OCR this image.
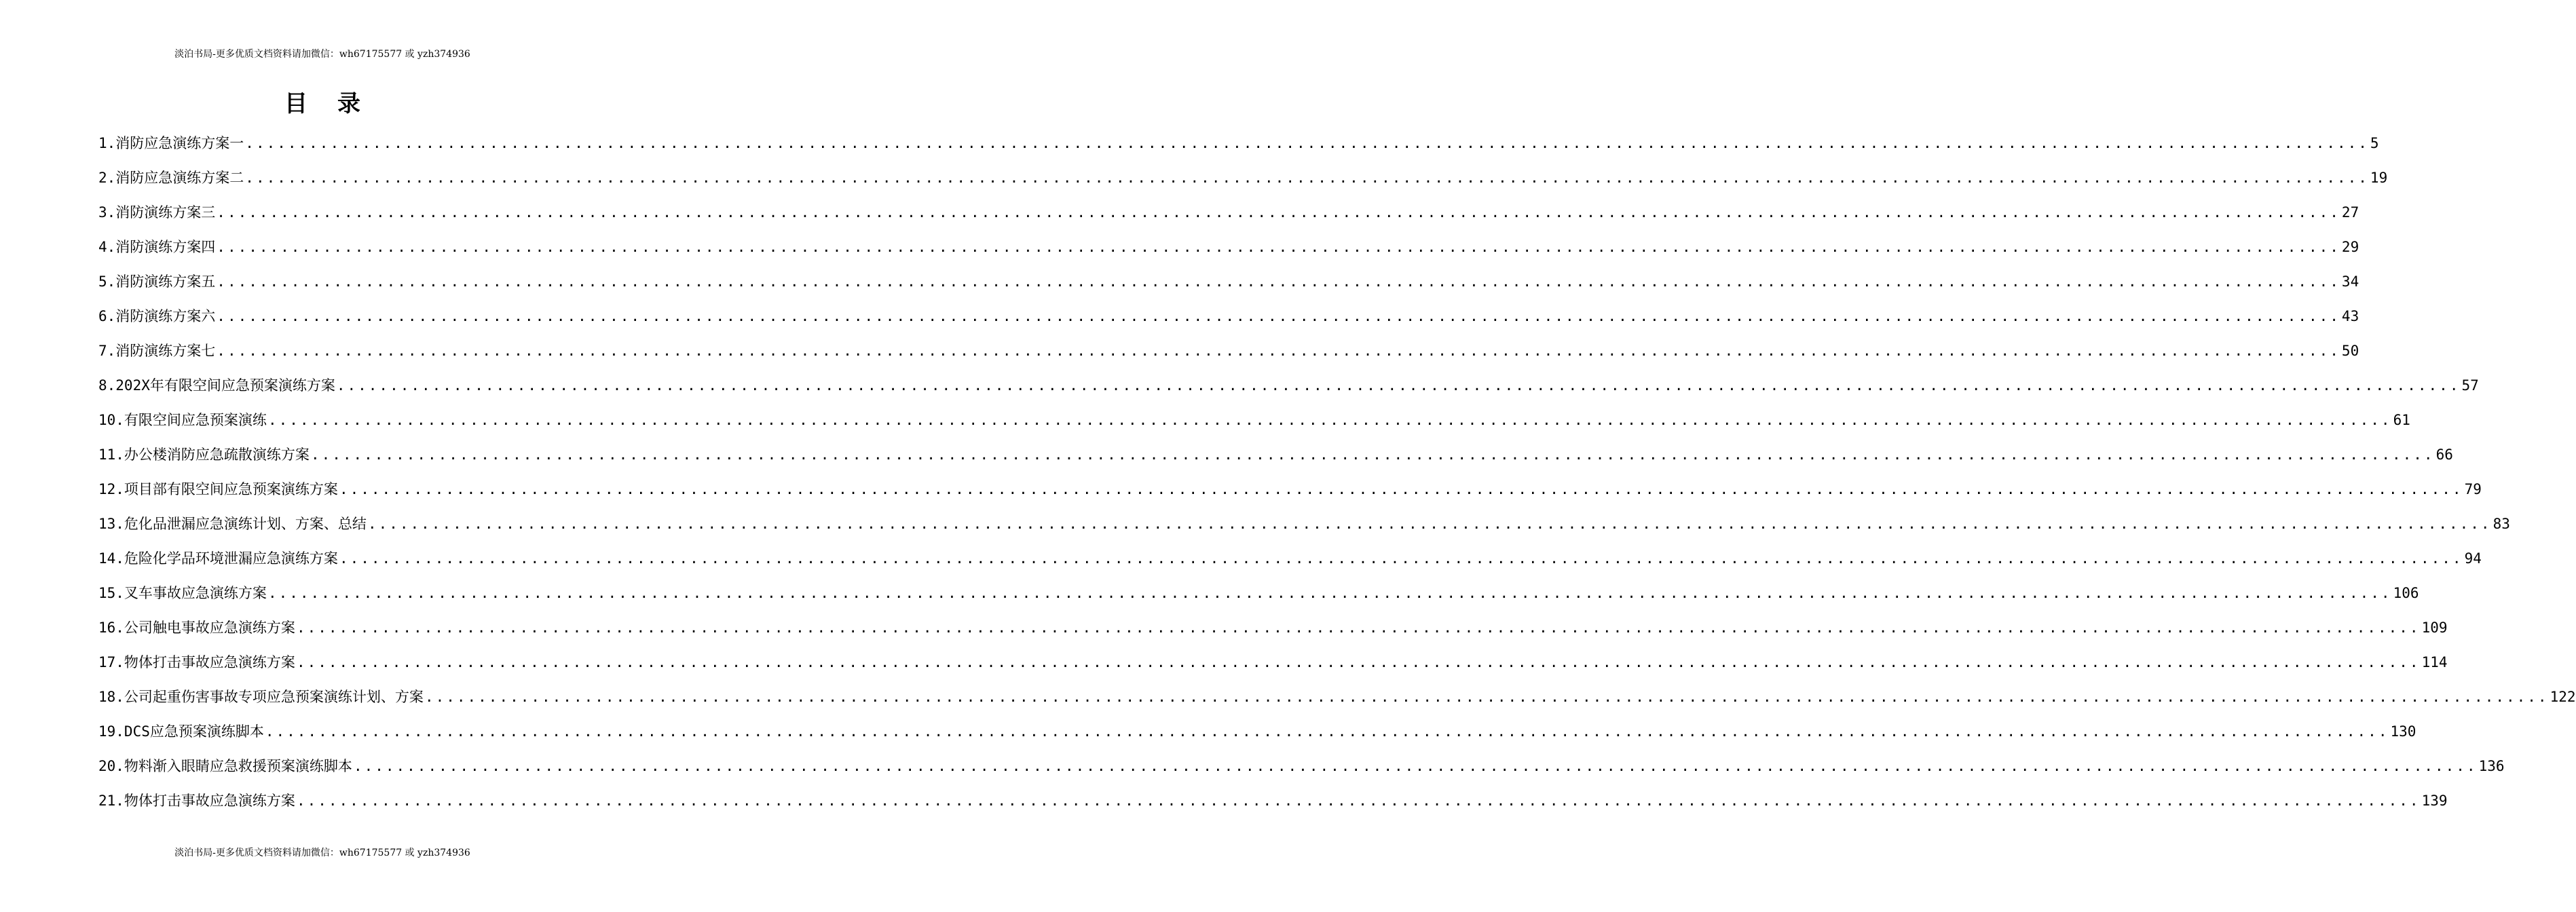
淡泊书局-更多优质文档资料请加微信：wh67175577 或 yzh374936
目录
1.消防应急演练方案一 ........................................................................................................................................................................................................ 5
2.消防应急演练方案二 ........................................................................................................................................................................................................ 19
3.消防演练方案三 ........................................................................................................................................................................................................ 27
4.消防演练方案四 ........................................................................................................................................................................................................ 29
5.消防演练方案五 ........................................................................................................................................................................................................ 34
6.消防演练方案六 ........................................................................................................................................................................................................ 43
7.消防演练方案七 ........................................................................................................................................................................................................ 50
8.202X年有限空间应急预案演练方案 ........................................................................................................................................................................................................ 57
10.有限空间应急预案演练 ........................................................................................................................................................................................................ 61
11.办公楼消防应急疏散演练方案 ........................................................................................................................................................................................................ 66
12.项目部有限空间应急预案演练方案 ........................................................................................................................................................................................................ 79
13.危化品泄漏应急演练计划、方案、总结 ........................................................................................................................................................................................................ 83
14.危险化学品环境泄漏应急演练方案 ........................................................................................................................................................................................................ 94
15.叉车事故应急演练方案 ........................................................................................................................................................................................................ 106
16.公司触电事故应急演练方案 ........................................................................................................................................................................................................ 109
17.物体打击事故应急演练方案 ........................................................................................................................................................................................................ 114
18.公司起重伤害事故专项应急预案演练计划、方案 ........................................................................................................................................................................................................ 122
19.DCS应急预案演练脚本 ........................................................................................................................................................................................................ 130
20.物料渐入眼睛应急救援预案演练脚本 ........................................................................................................................................................................................................ 136
21.物体打击事故应急演练方案 ........................................................................................................................................................................................................ 139
淡泊书局-更多优质文档资料请加微信：wh67175577 或 yzh374936
